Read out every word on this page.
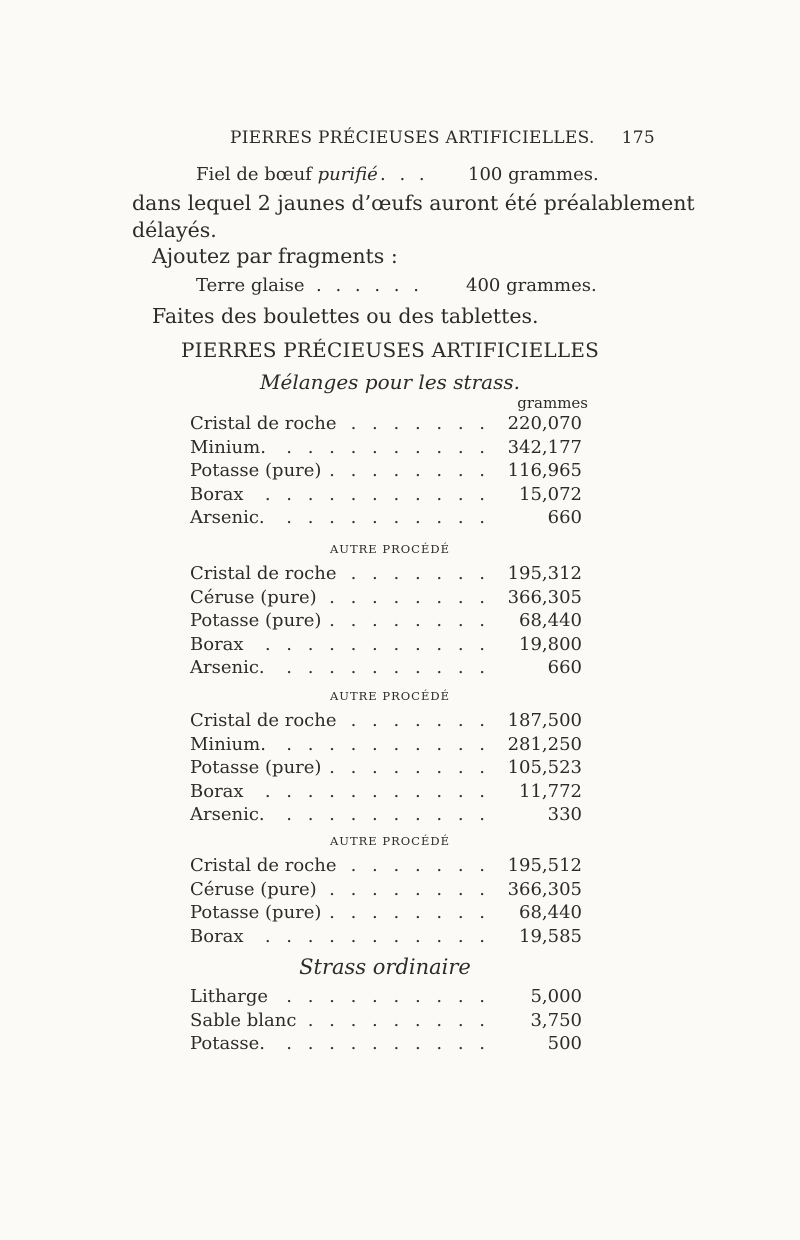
PIERRES PRÉCIEUSES ARTIFICIELLES. 175
Fiel de bœuf purifié . . . 100 grammes.
dans lequel 2 jaunes d’œufs auront été préalablement
délayés.
Ajoutez par fragments :
Terre glaise . . . . . . 400 grammes.
Faites des boulettes ou des tablettes.
PIERRES PRÉCIEUSES ARTIFICIELLES
Mélanges pour les strass.
grammes
Cristal de roche . . . . . . . 220,070
Minium. . . . . . . . . . . 342,177
Potasse (pure) . . . . . . . . 116,965
Borax . . . . . . . . . . .	15,072
Arsenic. . . . . . . . . . .	660
AUTRE PROCÉDÉ
Cristal de roche . . . . . . . 195,312
Céruse (pure) . . . . . . . . 366,305
Potasse (pure) . . . . . . . .	68,440
Borax . . . . . . . . . . .	19,800
Arsenic. . . . . . . . . . .	660
AUTRE PROCÉDÉ
Cristal de roche . . . . . . . 187,500
Minium. . . . . . . . . . . 281,250
Potasse (pure) . . . . . . . . 105,523
Borax . . . . . . . . . . .	11,772
Arsenic. . . . . . . . . . .	330
AUTRE PROCÉDÉ
Cristal de roche . . . . . . . 195,512
Céruse (pure) . . . . . . . . 366,305
Potasse (pure) . . . . . . . .	68,440
Borax . . . . . . . . . . .	19,585
Strass ordinaire
Litharge . . . . . . . . . .	5,000
Sable blanc . . . . . . . . .	3,750
Potasse. . . . . . . . . . .	500
